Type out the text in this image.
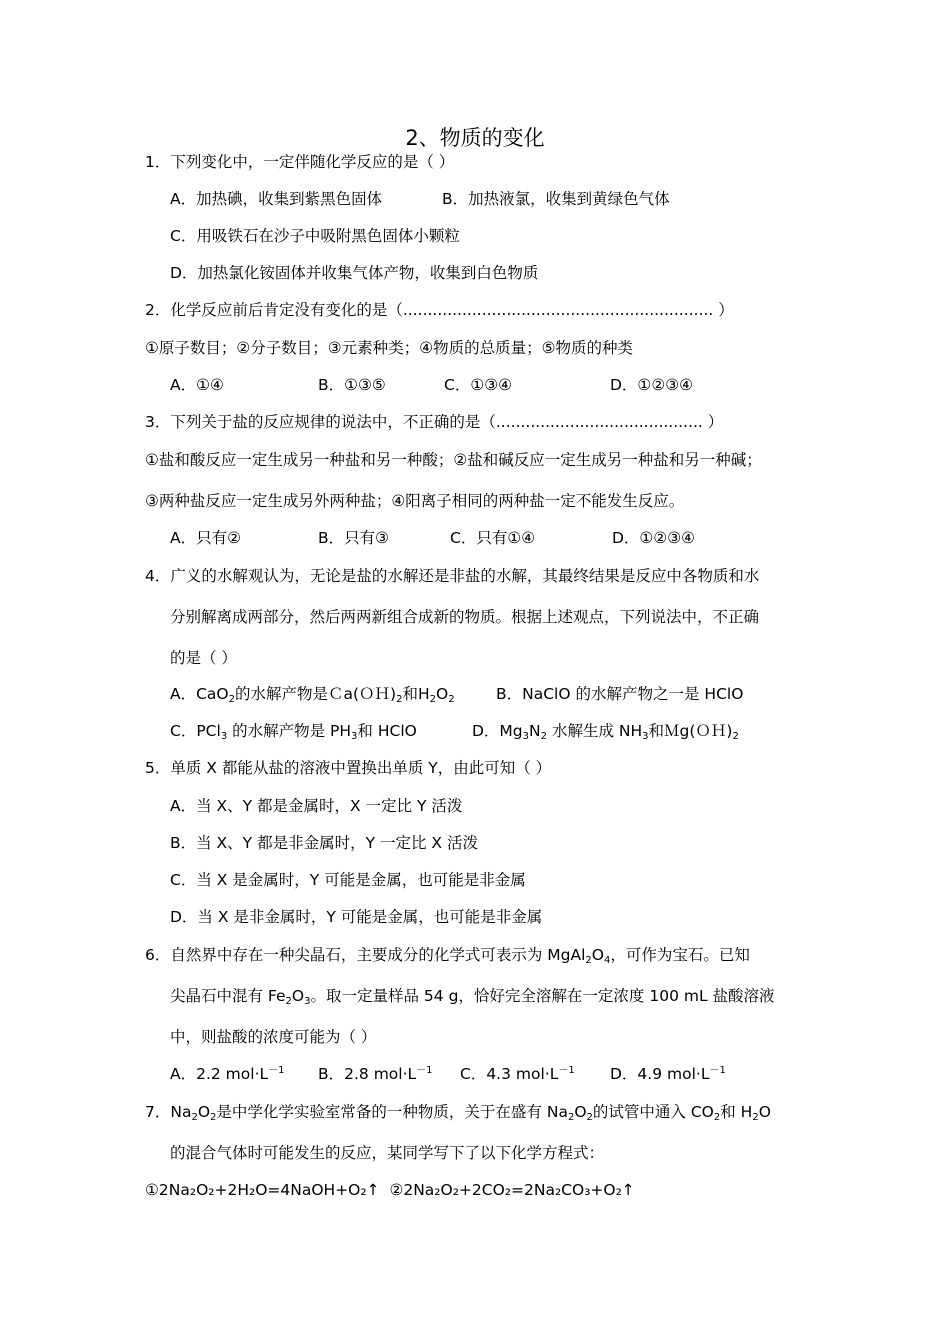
2、物质的变化
1．下列变化中，一定伴随化学反应的是（ ）
A．加热碘，收集到紫黑色固体	B．加热液氯，收集到黄绿色气体
C．用吸铁石在沙子中吸附黑色固体小颗粒
D．加热氯化铵固体并收集气体产物，收集到白色物质
2．化学反应前后肯定没有变化的是（............................................................... ）
①原子数目；②分子数目；③元素种类；④物质的总质量；⑤物质的种类
A．①④	B．①③⑤	C．①③④	D．①②③④
3．下列关于盐的反应规律的说法中，不正确的是（.......................................... ）
①盐和酸反应一定生成另一种盐和另一种酸；②盐和碱反应一定生成另一种盐和另一种碱；
③两种盐反应一定生成另外两种盐；④阳离子相同的两种盐一定不能发生反应。
A．只有②	B．只有③	C．只有①④	D．①②③④
4．广义的水解观认为，无论是盐的水解还是非盐的水解，其最终结果是反应中各物质和水
分别解离成两部分，然后两两新组合成新的物质。根据上述观点，下列说法中，不正确
的是（ ）
A．CaO$_2$的水解产物是$Ca(OH)_2$和$H_2O_2$	B．NaClO 的水解产物之一是 HClO
C．PCl$_3$ 的水解产物是 $PH_3$和 HClO	D．$Mg_3N_2$ 水解生成 $NH_3$和$Mg(OH)_2$
5．单质 X 都能从盐的溶液中置换出单质 Y，由此可知（ ）
A．当 X、Y 都是金属时，X 一定比 Y 活泼
B．当 X、Y 都是非金属时，Y 一定比 X 活泼
C．当 X 是金属时，Y 可能是金属，也可能是非金属
D．当 X 是非金属时，Y 可能是金属，也可能是非金属
6．自然界中存在一种尖晶石，主要成分的化学式可表示为 $MgAl_2O_4$，可作为宝石。已知
尖晶石中混有 $Fe_2O_3$。取一定量样品 54 g，恰好完全溶解在一定浓度 100 mL 盐酸溶液
中，则盐酸的浓度可能为（ ）
A．2.2 $mol\cdot L^{-1}$ B．2.8 $mol\cdot L^{-1}$ C．4.3 $mol\cdot L^{-1}$ D．4.9 $mol\cdot L^{-1}$
7．$Na_2O_2$是中学化学实验室常备的一种物质，关于在盛有 $Na_2O_2$的试管中通入 $CO_2$和 $H_2O$
的混合气体时可能发生的反应，某同学写下了以下化学方程式：
①2Na₂O₂+2H₂O=4NaOH+O₂↑ ②2Na₂O₂+2CO₂=2Na₂CO₃+O₂↑
